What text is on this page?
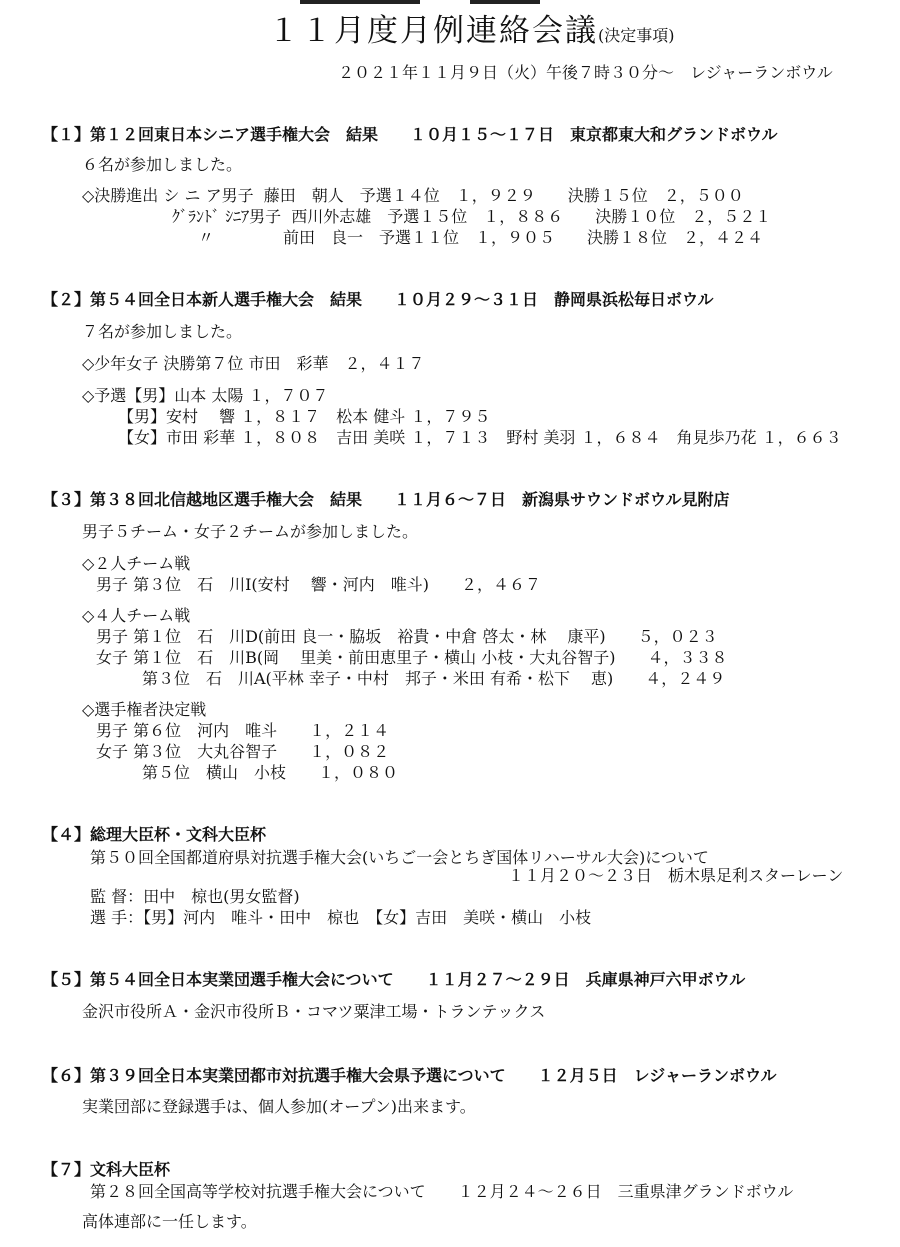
１１月度月例連絡会議(決定事項)
２０２１年１１月９日（火）午後７時３０分～　レジャーランボウル
【１】第１２回東日本シニア選手権大会　結果　　１０月１５～１７日　東京都東大和グランドボウル
６名が参加しました。
◇決勝進出 シ ニ ア男子  藤田　朝人　予選１４位　１，９２９　　決勝１５位　２，５００
ｸﾞﾗﾝﾄﾞ ｼﾆｱ男子  西川外志雄　予選１５位　１，８８６　　決勝１０位　２，５２１
〃	前田　良一　予選１１位　１，９０５　　決勝１８位　２，４２４
【２】第５４回全日本新人選手権大会　結果　　１０月２９～３１日　静岡県浜松毎日ボウル
７名が参加しました。
◇少年女子 決勝第７位 市田　彩華　２，４１７
◇予選【男】山本 太陽 １，７０７
【男】安村　 響 １，８１７　松本 健斗 １，７９５
【女】市田 彩華 １，８０８　吉田 美咲 １，７１３　野村 美羽 １，６８４　角見歩乃花 １，６６３
【３】第３８回北信越地区選手権大会　結果　　１１月６～７日　新潟県サウンドボウル見附店
男子５チーム・女子２チームが参加しました。
◇２人チーム戦
男子 第３位　石　川Ⅰ(安村　 響・河内　唯斗)　　２，４６７
◇４人チーム戦
男子 第１位　石　川D(前田 良一・脇坂　裕貴・中倉 啓太・林　 康平)　　５，０２３
女子 第１位　石　川B(岡　 里美・前田恵里子・横山 小枝・大丸谷智子)　　４，３３８
第３位　石　川A(平林 幸子・中村　邦子・米田 有希・松下　 恵)　　４，２４９
◇選手権者決定戦
男子 第６位　河内　唯斗　　１，２１４
女子 第３位　大丸谷智子　　１，０８２
第５位　横山　小枝　　１，０８０
【４】総理大臣杯・文科大臣杯
第５０回全国都道府県対抗選手権大会(いちご一会とちぎ国体リハーサル大会)について
１１月２０～２３日　栃木県足利スターレーン
監 督：田中　椋也(男女監督)
選 手：【男】河内　唯斗・田中　椋也　【女】吉田　美咲・横山　小枝
【５】第５４回全日本実業団選手権大会について　　１１月２７～２９日　兵庫県神戸六甲ボウル
金沢市役所Ａ・金沢市役所Ｂ・コマツ粟津工場・トランテックス
【６】第３９回全日本実業団都市対抗選手権大会県予選について　　１２月５日　レジャーランボウル
実業団部に登録選手は、個人参加(オープン)出来ます。
【７】文科大臣杯
第２８回全国高等学校対抗選手権大会について　　１２月２４～２６日　三重県津グランドボウル
高体連部に一任します。
